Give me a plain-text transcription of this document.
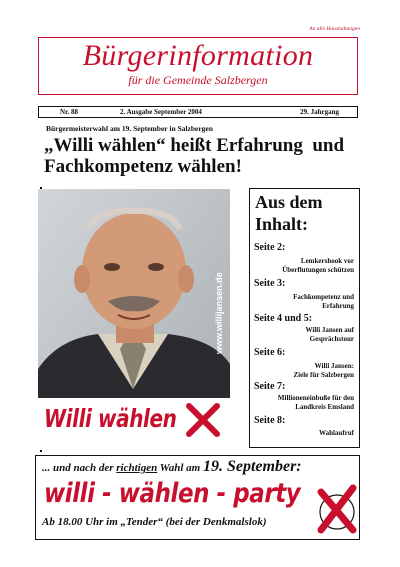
An alle Haushaltungen
Bürgerinformation
für die Gemeinde Salzbergen
Nr. 88	2. Ausgabe September 2004	29. Jahrgang
Bürgermeisterwahl am 19. September in Salzbergen
„Willi wählen“ heißt Erfahrung  und
Fachkompetenz wählen!
www.willijansen.de
Willi wählen
Aus dem
Inhalt:
Seite 2:
Lemkershook vor
Überflutungen schützen
Seite 3:
Fachkompetenz und
Erfahrung
Seite 4 und 5:
Willi Jansen auf
Gesprächstour
Seite 6:
Willi Jansen:
Ziele für Salzbergen
Seite 7:
Millioneneinbuße für den
Landkreis Emsland
Seite 8:
Wahlaufruf
... und nach der richtigen Wahl am 19. September:
willi - wählen - party
Ab 18.00 Uhr im „Tender“ (bei der Denkmalslok)
